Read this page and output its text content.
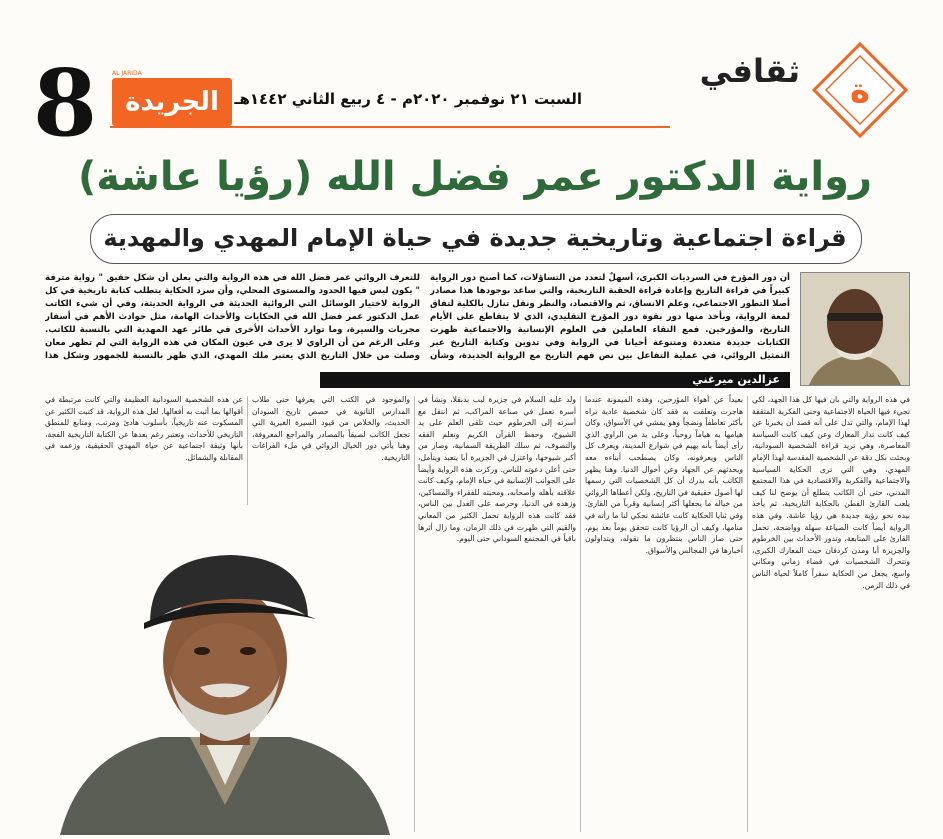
8	AL JARIDA
الجريدة السبت ٢١ نوفمبر ٢٠٢٠م - ٤ ربيع الثاني ١٤٤٢هـ
ثقافي ة
رواية الدكتور عمر فضل الله (رؤيا عاشة)
قراءة اجتماعية وتاريخية جديدة في حياة الإمام المهدي والمهدية
أن دور المؤرخ في السرديات الكبرى، أسهلٌ لتعدد من التساؤلات، كما أصبح دور الرواية كبيراً في قراءة التاريخ وإعادة قراءة الحقبة التاريخية، والتي ساعد بوجودها هذا مصادر أصلا التطور الاجتماعي، وعلم الانساق، ثم والاقتصاد، والنظر ونقل تنازل بالكلية لتفاق لمعة الرواية، وبأخذ منها دور بقوة دور المؤرخ التقليدي، الذي لا يتقاطع على الأيام التاريخ، والمؤرخين. فمع التقاء العاملين في العلوم الإنسانية والاجتماعية ظهرت الكتابات جديدة متعددة ومتنوعة أحيانا في الرواية وفي تدوين وكتابة التاريخ عبر التمثيل الروائي، في عملية التفاعل بين نص فهم التاريخ مع الرواية الجديدة، وشأن
للتعرف الروائي عمر فضل الله في هذه الرواية والتي يعلن أن شكل حقيق " رواية مترفة " يكون ليس فيها الحدود والمستوى المحلي، وأن سرد الحكاية يتطلب كتابة تاريخية في كل الرواية لاختيار الوسائل التي الروائية الحديثة في الرواية الحديثة، وفي أن شيء الكاتب عمل الدكتور عمر فضل الله في الحكايات والأحداث الهامة، مثل حوادث الأهم في أسفار مجريات والسيرة، وما توارد الأحداث الأخرى في طائر عهد المهدية التي بالنسبة للكاتب. وعلى الرغم من أن الراوي لا يرى في عيون المكان في هذه الرواية التي لم تظهر معان وصلت من خلال التاريخ الذي يعتبر ملك المهدي، الذي ظهر بالنسبة للجمهور وشكل هذا
عزالدين ميرغني
في هذه الرواية والتي بان فيها كل هذا الجهد، لكي تجيء فيها الحياة الاجتماعية وحتى الفكرية المثقفة لهذا الإمام، والتي تدل على أنه قصد أن يخبرنا عن كيف كانت تدار المعارك وعن كيف كانت السياسة المعاصرة، وهي تريد قراءة الشخصية السودانية، وبحثت بكل دقة عن الشخصية المقدسة لهذا الإمام المهدي، وهي التي ترى الحكاية السياسية والاجتماعية والفكرية والاقتصادية في هذا المجتمع المدني، حتى أن الكاتب يتطلع أن يوضح لنا كيف يلعب القارئ الفطن بالحكاية التاريخية، ثم يأخذ بيده نحو رؤية جديدة هي رؤيا عاشة. وفي هذه الرواية أيضاً كانت الصياغة سهلة وواضحة، تحمل القارئ على المتابعة، وتدور الأحداث بين الخرطوم والجزيرة أبا ومدن كردفان حيث المعارك الكبرى، وتتحرك الشخصيات في فضاء زماني ومكاني واسع، يجعل من الحكاية سفراً كاملاً لحياة الناس في ذلك الزمن.
بعيداً عن أهواء المؤرخين، وهذه الميمونة عندما هاجرت وتعلقت به فقد كان شخصية عادية تراه بأكثر تعاطفاً ونضجاً وهو يمشي في الأسواق، وكان هيامها به هياماً روحياً، وعلى يد من الراوي الذي رأى أيضاً بأنه يهيم في شوارع المدينة، ويعرف كل الناس ويعرفونه، وكان يصطحب أبناءه معه ويحدثهم عن الجهاد وعن أحوال الدنيا. وهنا يظهر الكاتب بأنه يدرك أن كل الشخصيات التي رسمها لها أصول حقيقية في التاريخ، ولكن أعطاها الروائي من خياله ما يجعلها أكثر إنسانية وقرباً من القارئ. وفي ثنايا الحكاية كانت عائشة تحكي لنا ما رأته في منامها، وكيف أن الرؤيا كانت تتحقق يوماً بعد يوم، حتى صار الناس ينتظرون ما تقوله، ويتداولون أخبارها في المجالس والأسواق.
ولد عليه السلام في جزيرة لبب بدنقلا، ونشأ في أسرة تعمل في صناعة المراكب، ثم انتقل مع أسرته إلى الخرطوم حيث تلقى العلم على يد الشيوخ، وحفظ القرآن الكريم وتعلم الفقه والتصوف، ثم سلك الطريقة السمانية، وصار من أكبر شيوخها، واعتزل في الجزيرة أبا يتعبد ويتأمل، حتى أعلن دعوته للناس. وركزت هذه الرواية وأيضاً على الجوانب الإنسانية في حياة الإمام، وكيف كانت علاقته بأهله وأصحابه، ومحبته للفقراء والمساكين، وزهده في الدنيا، وحرصه على العدل بين الناس، فقد كانت هذه الرواية تحمل الكثير من المعاني والقيم التي ظهرت في ذلك الزمان، وما زال أثرها باقياً في المجتمع السوداني حتى اليوم.
والموجود في الكتب التي يعرفها حتى طلاب المدارس الثانوية في حصص تاريخ السودان الحديث، والخلاص من قيود السيرة الغيرية التي تجعل الكاتب لصيقاً بالمصادر والمراجع المعروفة، وهنا يأتي دور الخيال الروائي في ملء الفراغات التاريخية.
عن هذه الشخصية السودانية العظيمة والتي كانت مرتبطة في أقوالها بما أثبت به أفعالها. لعل هذه الرواية، قد كتبت الكثير عن المسكوت عنه تاريخياً، بأسلوب هادئ ومرتب، ومتابع للمنطق التاريخي للأحداث، وتعتبر رغم بعدها عن الكتابة التاريخية الفجة، بأنها وثيقة اجتماعية عن حياة المهدي الحقيقية، وزعمه في المقابلة والشمائل.
